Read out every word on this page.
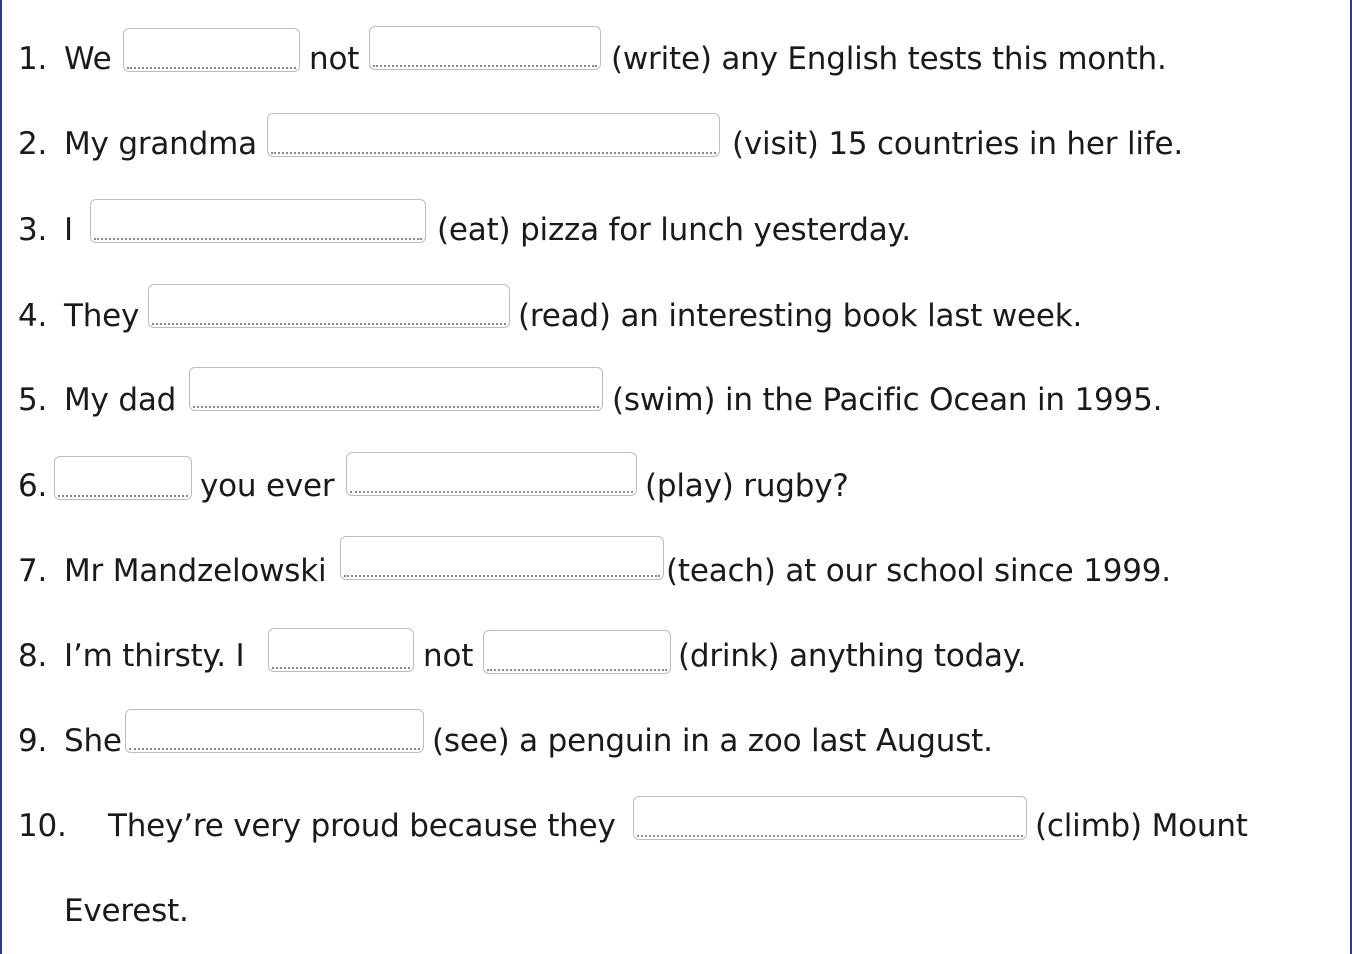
1. We	not	(write) any English tests this month.
2. My grandma	(visit) 15 countries in her life.
3. I	(eat) pizza for lunch yesterday.
4. They	(read) an interesting book last week.
5. My dad	(swim) in the Pacific Ocean in 1995.
6.	you ever	(play) rugby?
7. Mr Mandzelowski	(teach) at our school since 1999.
8. I’m thirsty. I	not	(drink) anything today.
9. She	(see) a penguin in a zoo last August.
10. They’re very proud because they	(climb) Mount
Everest.
